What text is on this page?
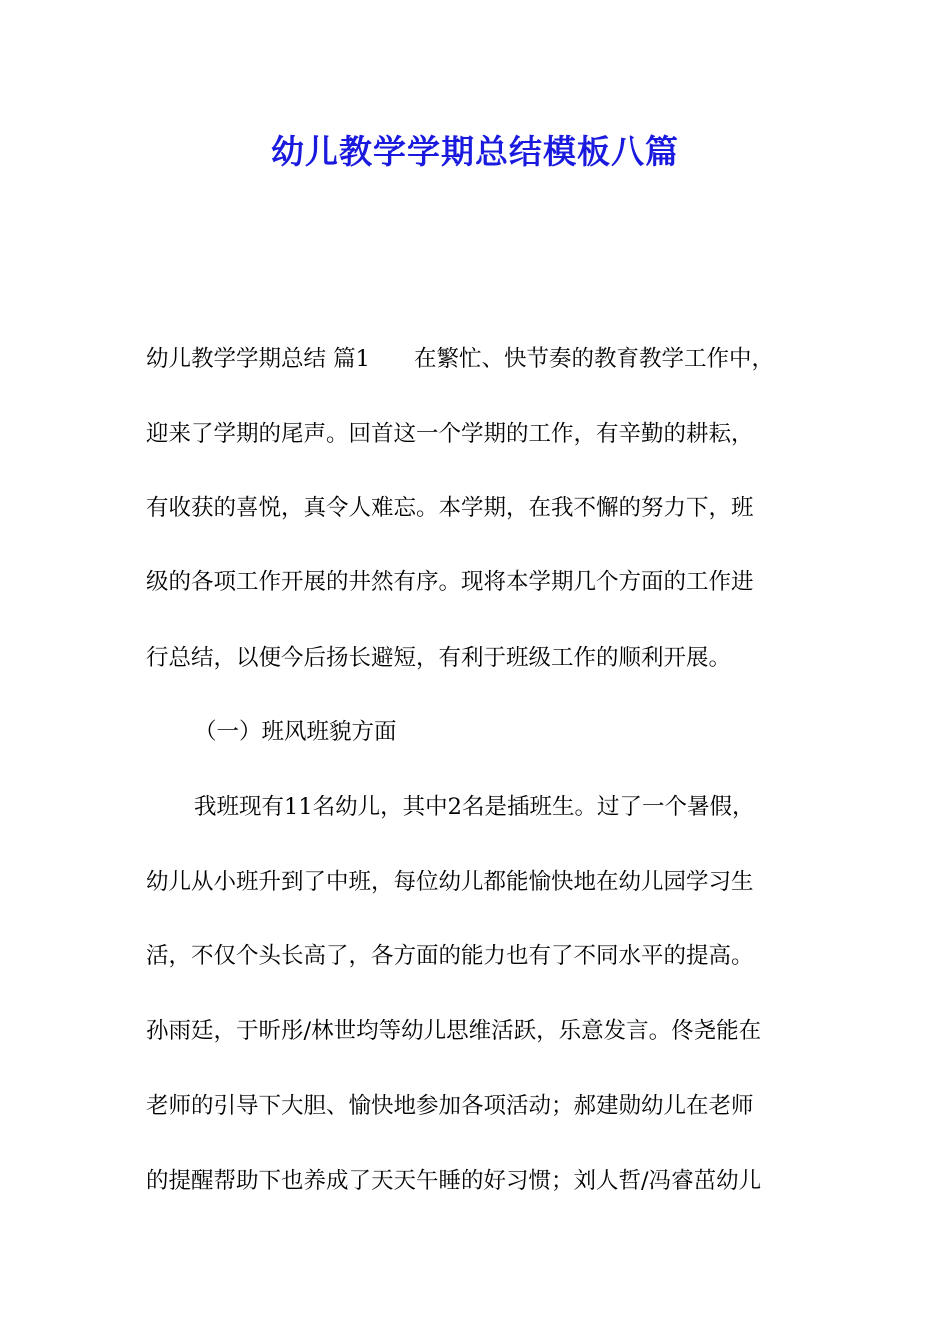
幼儿教学学期总结模板八篇

幼儿教学学期总结 篇1 在繁忙、快节奏的教育教学工作中，

迎来了学期的尾声。回首这一个学期的工作，有辛勤的耕耘，

有收获的喜悦，真令人难忘。本学期，在我不懈的努力下，班

级的各项工作开展的井然有序。现将本学期几个方面的工作进

行总结，以便今后扬长避短，有利于班级工作的顺利开展。

（一）班风班貌方面

我班现有11名幼儿，其中2名是插班生。过了一个暑假，

幼儿从小班升到了中班，每位幼儿都能愉快地在幼儿园学习生

活，不仅个头长高了，各方面的能力也有了不同水平的提高。

孙雨廷，于昕彤/林世均等幼儿思维活跃，乐意发言。佟尧能在

老师的引导下大胆、愉快地参加各项活动；郝建勋幼儿在老师

的提醒帮助下也养成了天天午睡的好习惯；刘人哲/冯睿茁幼儿
